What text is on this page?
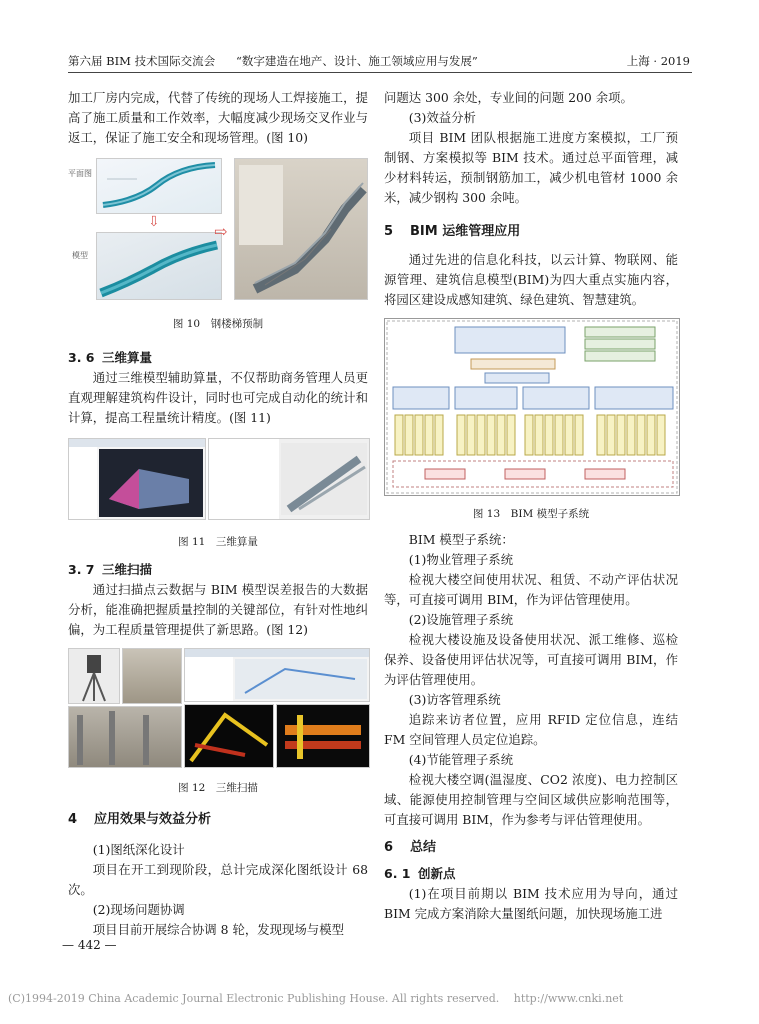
第六届 BIM 技术国际交流会 “数字建造在地产、设计、施工领域应用与发展”	上海 · 2019

加工厂房内完成，代替了传统的现场人工焊接施工，提高了施工质量和工作效率，大幅度减少现场交叉作业与返工，保证了施工安全和现场管理。(图 10)

平面图
⇩
模型
⇨
图 10　钢楼梯预制
3. 6 三维算量

通过三维模型辅助算量，不仅帮助商务管理人员更直观理解建筑构件设计，同时也可完成自动化的统计和计算，提高工程量统计精度。(图 11)

图 11　三维算量
3. 7 三维扫描

通过扫描点云数据与 BIM 模型误差报告的大数据分析，能准确把握质量控制的关键部位，有针对性地纠偏，为工程质量管理提供了新思路。(图 12)

图 12　三维扫描
4 应用效果与效益分析

(1)图纸深化设计

项目在开工到现阶段，总计完成深化图纸设计 68 次。

(2)现场问题协调

项目目前开展综合协调 8 轮，发现现场与模型

问题达 300 余处，专业间的问题 200 余项。

(3)效益分析

项目 BIM 团队根据施工进度方案模拟，工厂预制钢、方案模拟等 BIM 技术。通过总平面管理，减少材料转运，预制钢筋加工，减少机电管材 1000 余米，减少钢构 300 余吨。

5 BIM 运维管理应用

通过先进的信息化科技，以云计算、物联网、能源管理、建筑信息模型(BIM)为四大重点实施内容，将园区建设成感知建筑、绿色建筑、智慧建筑。

图 13　BIM 模型子系统

BIM 模型子系统：

(1)物业管理子系统

检视大楼空间使用状况、租赁、不动产评估状况等，可直接可调用 BIM，作为评估管理使用。

(2)设施管理子系统

检视大楼设施及设备使用状况、派工维修、巡检保养、设备使用评估状况等，可直接可调用 BIM，作为评估管理使用。

(3)访客管理系统

追踪来访者位置，应用 RFID 定位信息，连结 FM 空间管理人员定位追踪。

(4)节能管理子系统

检视大楼空调(温湿度、CO2 浓度)、电力控制区域、能源使用控制管理与空间区域供应影响范围等，可直接可调用 BIM，作为参考与评估管理使用。

6 总结
6. 1 创新点

(1)在项目前期以 BIM 技术应用为导向，通过 BIM 完成方案消除大量图纸问题，加快现场施工进

— 442 —
(C)1994-2019 China Academic Journal Electronic Publishing House. All rights reserved.　 http://www.cnki.net
